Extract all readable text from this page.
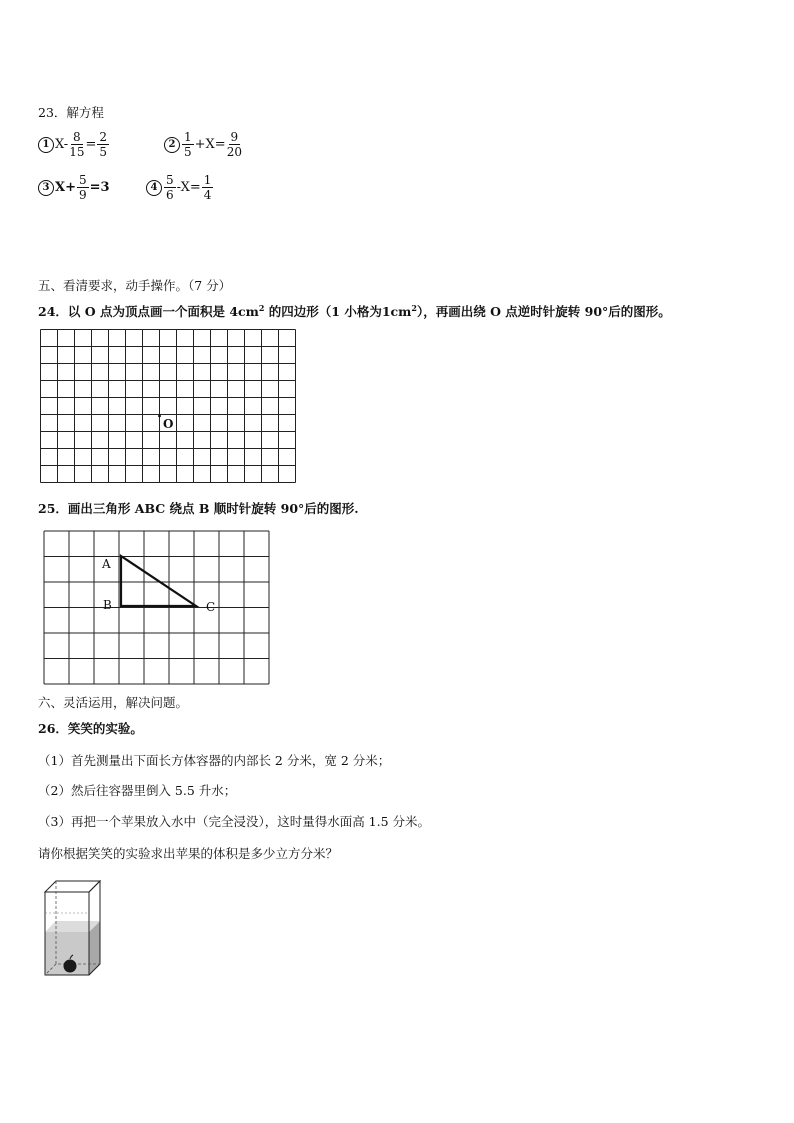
23．解方程
1 $X- \frac{8}{15} = \frac{2}{5}$	$2 \frac{1}{5} +X= \frac{9}{20}$
3 $X+ \frac{5}{9} =3$	$4 \frac{5}{6} -X= \frac{1}{4}$
五、看清要求，动手操作。（7 分）
24．以 O 点为顶点画一个面积是 $4cm^2$ 的四边形（1 小格为$1cm^2$），再画出绕 O 点逆时针旋转 90°后的图形。
O
25．画出三角形 ABC 绕点 B 顺时针旋转 90°后的图形.
A
B	C
六、灵活运用，解决问题。
26．笑笑的实验。
（1）首先测量出下面长方体容器的内部长 2 分米，宽 2 分米；
（2）然后往容器里倒入 5.5 升水；
（3）再把一个苹果放入水中（完全浸没），这时量得水面高 1.5 分米。
请你根据笑笑的实验求出苹果的体积是多少立方分米？
